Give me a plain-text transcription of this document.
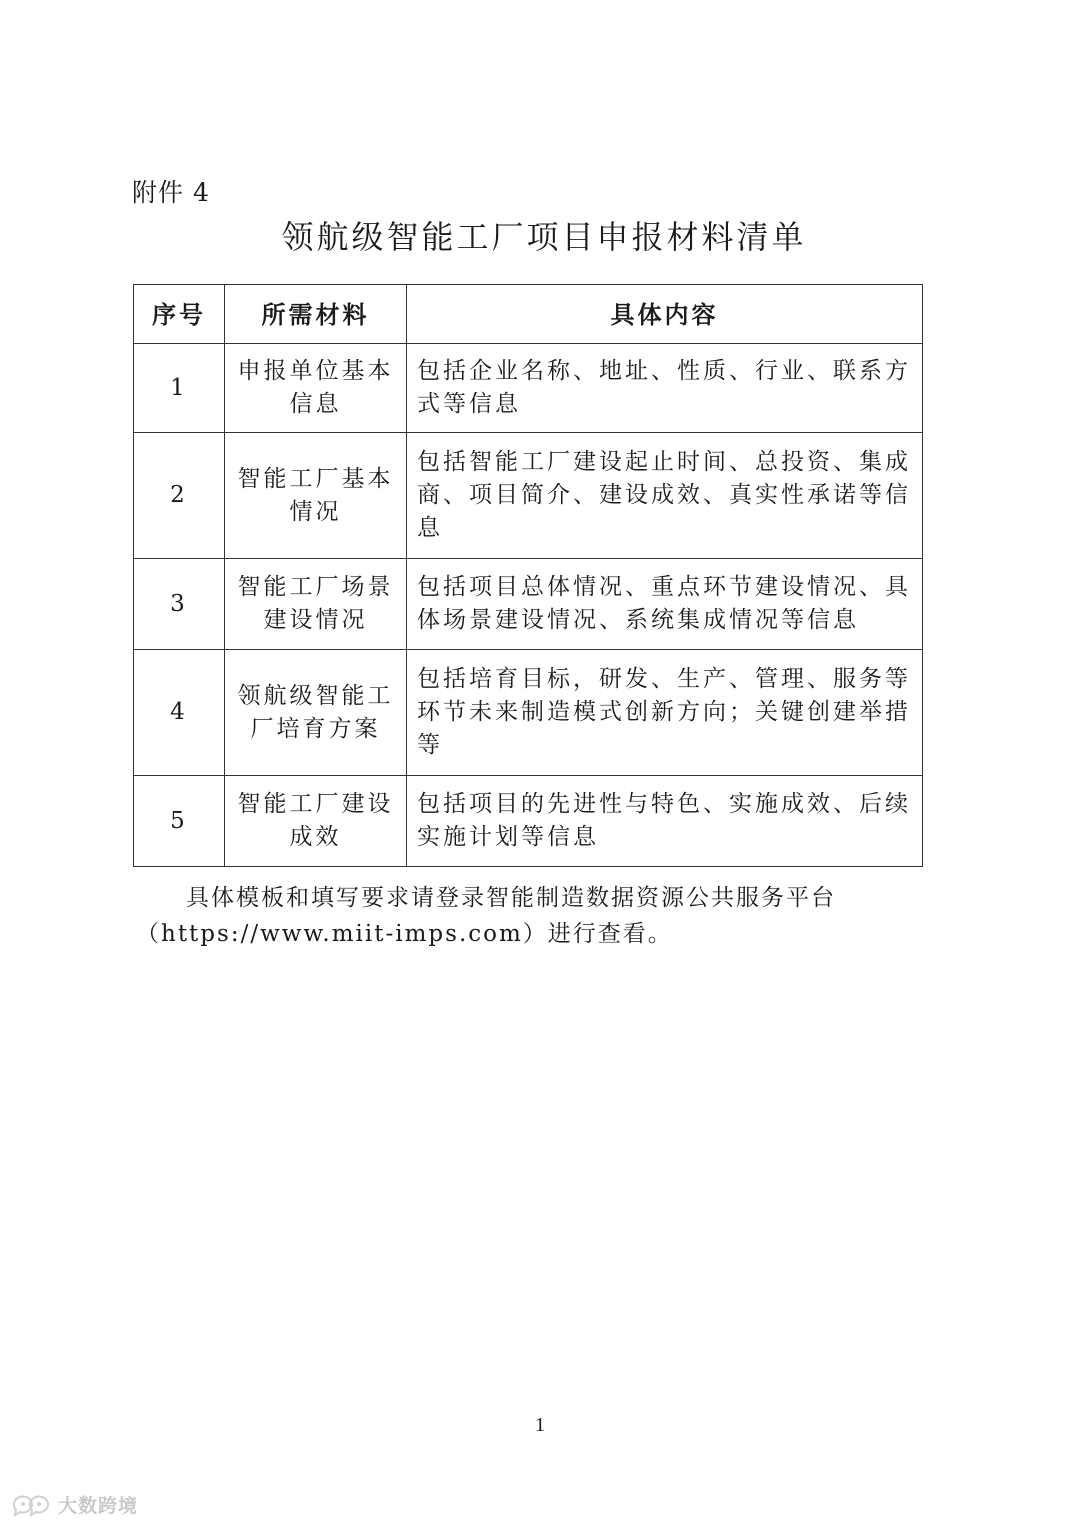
附件 4
领航级智能工厂项目申报材料清单
序号	所需材料	具体内容
1	申报单位基本信息	包括企业名称、地址、性质、行业、联系方式等信息
2	智能工厂基本情况	包括智能工厂建设起止时间、总投资、集成商、项目简介、建设成效、真实性承诺等信息
3	智能工厂场景建设情况	包括项目总体情况、重点环节建设情况、具体场景建设情况、系统集成情况等信息
4	领航级智能工厂培育方案	包括培育目标，研发、生产、管理、服务等环节未来制造模式创新方向；关键创建举措等
5	智能工厂建设成效	包括项目的先进性与特色、实施成效、后续实施计划等信息
具体模板和填写要求请登录智能制造数据资源公共服务平台（https://www.miit-imps.com）进行查看。
1
大数跨境
